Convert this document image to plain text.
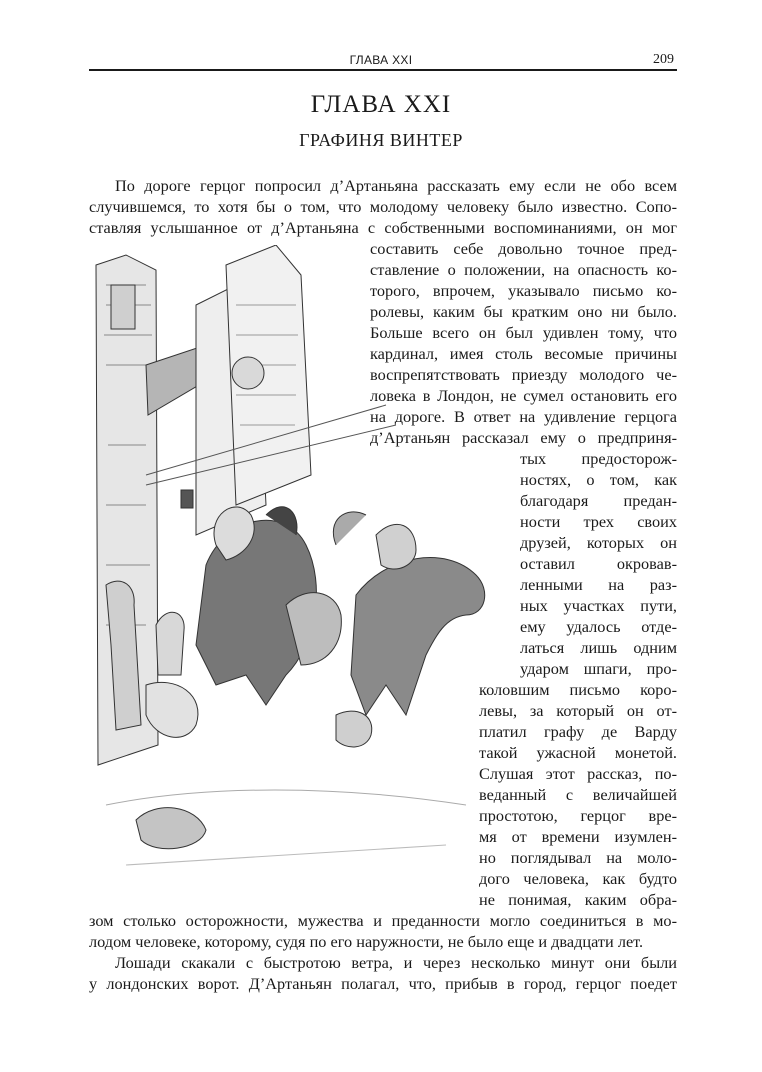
ГЛАВА XXI	209
ГЛАВА XXI
ГРАФИНЯ ВИНТЕР
По дороге герцог попросил д’Артаньяна рассказать ему если не обо всем
случившемся, то хотя бы о том, что молодому человеку было известно. Сопо-
ставляя услышанное от д’Артаньяна с собственными воспоминаниями, он мог
составить себе довольно точное пред-
ставление о положении, на опасность ко-
торого, впрочем, указывало письмо ко-
ролевы, каким бы кратким оно ни было.
Больше всего он был удивлен тому, что
кардинал, имея столь весомые причины
воспрепятствовать приезду молодого че-
ловека в Лондон, не сумел остановить его
на дороге. В ответ на удивление герцога
д’Артаньян рассказал ему о предприня-
тых предосторож-
ностях, о том, как
благодаря предан-
ности трех своих
друзей, которых он
оставил окровав-
ленными на раз-
ных участках пути,
ему удалось отде-
латься лишь одним
ударом шпаги, про-
коловшим письмо коро-
левы, за который он от-
платил графу де Варду
такой ужасной монетой.
Слушая этот рассказ, по-
веданный с величайшей
простотою, герцог вре-
мя от времени изумлен-
но поглядывал на моло-
дого человека, как будто
не понимая, каким обра-
зом столько осторожности, мужества и преданности могло соединиться в мо-
лодом человеке, которому, судя по его наружности, не было еще и двадцати лет.
Лошади скакали с быстротою ветра, и через несколько минут они были
у лондонских ворот. Д’Артаньян полагал, что, прибыв в город, герцог поедет
